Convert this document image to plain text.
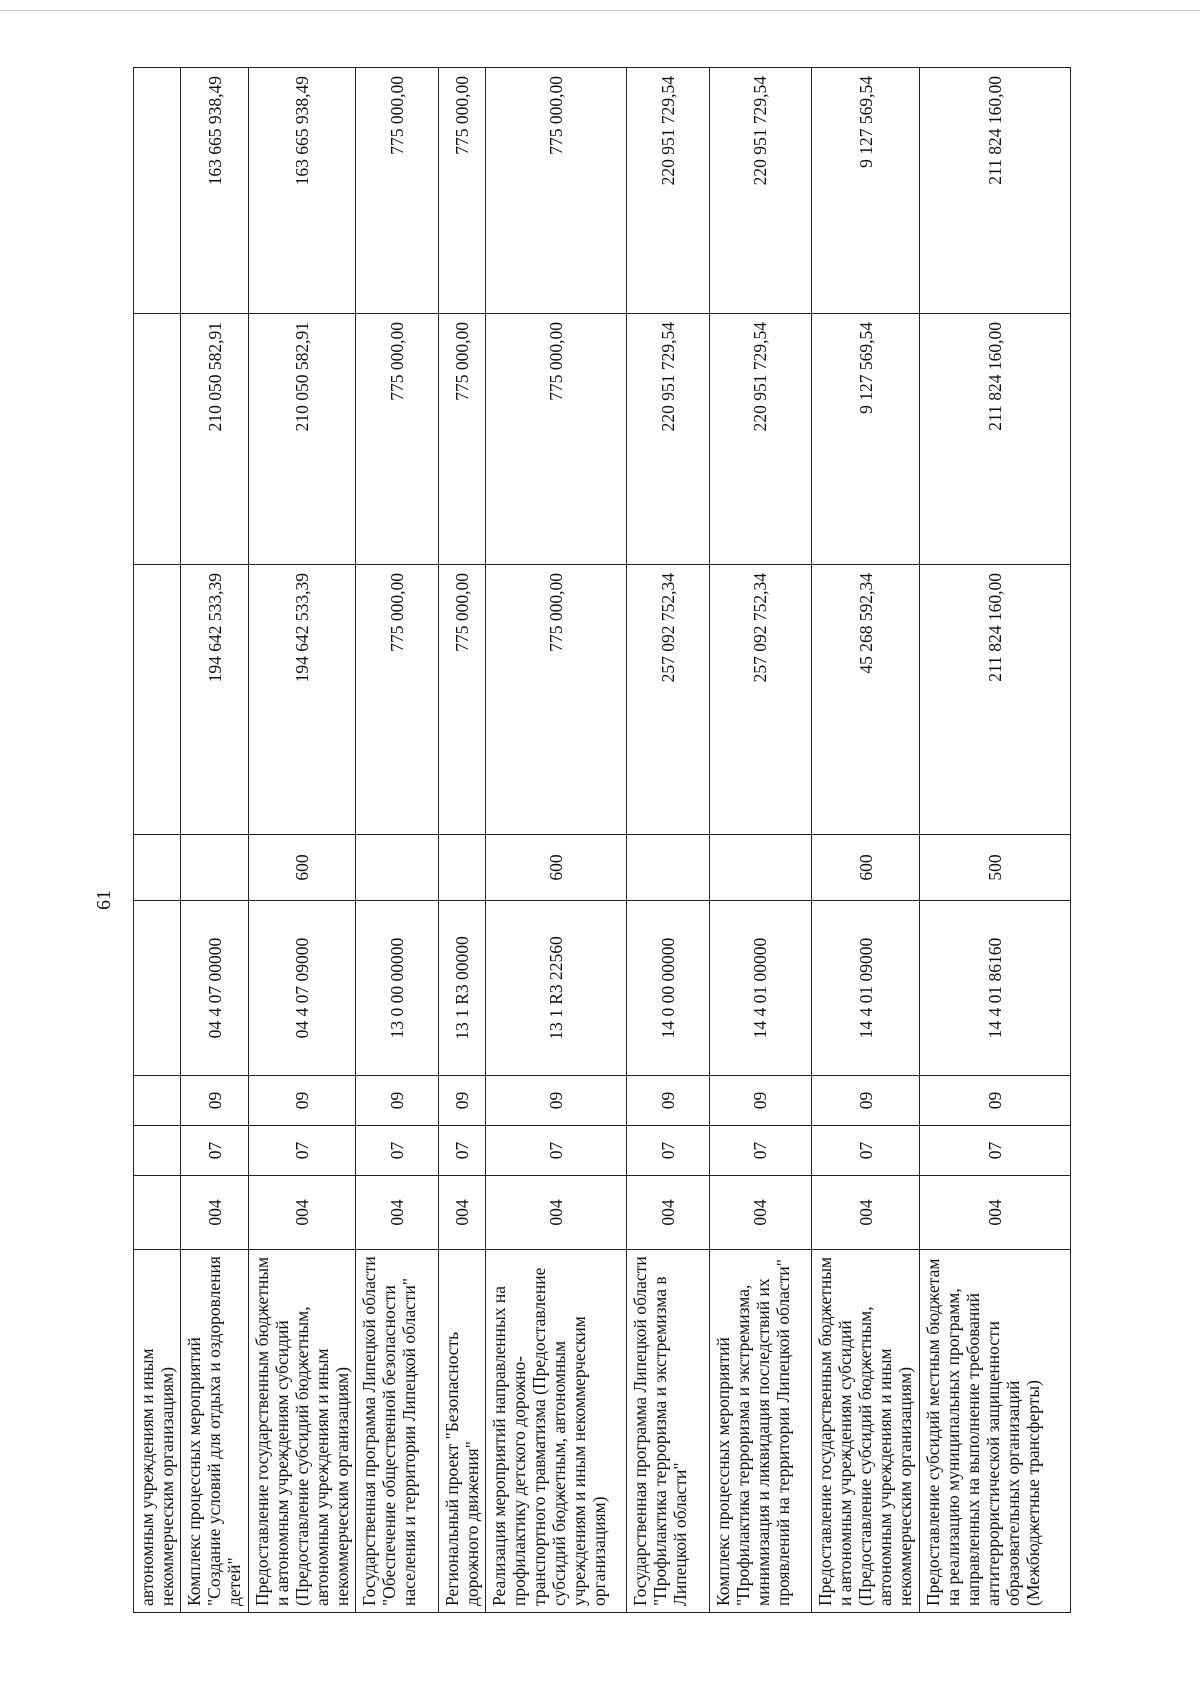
61
автономным учреждениям и иным некоммерческим организациям)								
Комплекс процессных мероприятий "Создание условий для отдыха и оздоровления детей"	004	07	09	04 4 07 00000		194 642 533,39	210 050 582,91	163 665 938,49
Предоставление государственным бюджетным и автономным учреждениям субсидий (Предоставление субсидий бюджетным, автономным учреждениям и иным некоммерческим организациям)	004	07	09	04 4 07 09000	600	194 642 533,39	210 050 582,91	163 665 938,49
Государственная программа Липецкой области "Обеспечение общественной безопасности населения и территории Липецкой области"	004	07	09	13 0 00 00000		775 000,00	775 000,00	775 000,00
Региональный проект "Безопасность дорожного движения"	004	07	09	13 1 R3 00000		775 000,00	775 000,00	775 000,00
Реализация мероприятий направленных на профилактику детского дорожно-транспортного травматизма (Предоставление субсидий бюджетным, автономным учреждениям и иным некоммерческим организациям)	004	07	09	13 1 R3 22560	600	775 000,00	775 000,00	775 000,00
Государственная программа Липецкой области "Профилактика терроризма и экстремизма в Липецкой области"	004	07	09	14 0 00 00000		257 092 752,34	220 951 729,54	220 951 729,54
Комплекс процессных мероприятий "Профилактика терроризма и экстремизма, минимизация и ликвидация последствий их проявлений на территории Липецкой области"	004	07	09	14 4 01 00000		257 092 752,34	220 951 729,54	220 951 729,54
Предоставление государственным бюджетным и автономным учреждениям субсидий (Предоставление субсидий бюджетным, автономным учреждениям и иным некоммерческим организациям)	004	07	09	14 4 01 09000	600	45 268 592,34	9 127 569,54	9 127 569,54
Предоставление субсидий местным бюджетам на реализацию муниципальных программ, направленных на выполнение требований антитеррористической защищенности образовательных организаций (Межбюджетные трансферты)	004	07	09	14 4 01 86160	500	211 824 160,00	211 824 160,00	211 824 160,00
